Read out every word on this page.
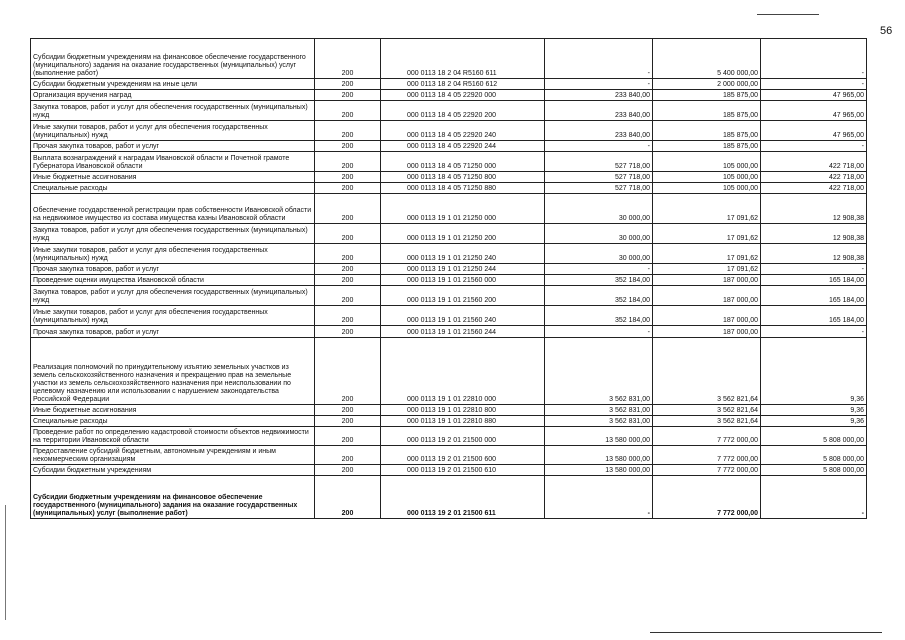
56
Субсидии бюджетным учреждениям на финансовое обеспечение государственного (муниципального) задания на оказание государственных (муниципальных) услуг (выполнение работ)	200	000 0113 18 2 04 R5160 611	-	5 400 000,00	-
Субсидии бюджетным учреждениям на иные цели	200	000 0113 18 2 04 R5160 612	-	2 000 000,00	-
Организация вручения наград	200	000 0113 18 4 05 22920 000	233 840,00	185 875,00	47 965,00
Закупка товаров, работ и услуг для обеспечения государственных (муниципальных) нужд	200	000 0113 18 4 05 22920 200	233 840,00	185 875,00	47 965,00
Иные закупки товаров, работ и услуг для обеспечения государственных (муниципальных) нужд	200	000 0113 18 4 05 22920 240	233 840,00	185 875,00	47 965,00
Прочая закупка товаров, работ и услуг	200	000 0113 18 4 05 22920 244	-	185 875,00	-
Выплата вознаграждений к наградам Ивановской области и Почетной грамоте Губернатора Ивановской области	200	000 0113 18 4 05 71250 000	527 718,00	105 000,00	422 718,00
Иные бюджетные ассигнования	200	000 0113 18 4 05 71250 800	527 718,00	105 000,00	422 718,00
Специальные расходы	200	000 0113 18 4 05 71250 880	527 718,00	105 000,00	422 718,00
Обеспечение государственной регистрации прав собственности Ивановской области на недвижимое имущество из состава имущества казны Ивановской области	200	000 0113 19 1 01 21250 000	30 000,00	17 091,62	12 908,38
Закупка товаров, работ и услуг для обеспечения государственных (муниципальных) нужд	200	000 0113 19 1 01 21250 200	30 000,00	17 091,62	12 908,38
Иные закупки товаров, работ и услуг для обеспечения государственных (муниципальных) нужд	200	000 0113 19 1 01 21250 240	30 000,00	17 091,62	12 908,38
Прочая закупка товаров, работ и услуг	200	000 0113 19 1 01 21250 244	-	17 091,62	-
Проведение оценки имущества Ивановской области	200	000 0113 19 1 01 21560 000	352 184,00	187 000,00	165 184,00
Закупка товаров, работ и услуг для обеспечения государственных (муниципальных) нужд	200	000 0113 19 1 01 21560 200	352 184,00	187 000,00	165 184,00
Иные закупки товаров, работ и услуг для обеспечения государственных (муниципальных) нужд	200	000 0113 19 1 01 21560 240	352 184,00	187 000,00	165 184,00
Прочая закупка товаров, работ и услуг	200	000 0113 19 1 01 21560 244	-	187 000,00	-
Реализация полномочий по принудительному изъятию земельных участков из земель сельскохозяйственного назначения и прекращению прав на земельные участки из земель сельскохозяйственного назначения при неиспользовании по целевому назначению или использовании с нарушением законодательства Российской Федерации	200	000 0113 19 1 01 22810 000	3 562 831,00	3 562 821,64	9,36
Иные бюджетные ассигнования	200	000 0113 19 1 01 22810 800	3 562 831,00	3 562 821,64	9,36
Специальные расходы	200	000 0113 19 1 01 22810 880	3 562 831,00	3 562 821,64	9,36
Проведение работ по определению кадастровой стоимости объектов недвижимости на территории Ивановской области	200	000 0113 19 2 01 21500 000	13 580 000,00	7 772 000,00	5 808 000,00
Предоставление субсидий бюджетным, автономным учреждениям и иным некоммерческим организациям	200	000 0113 19 2 01 21500 600	13 580 000,00	7 772 000,00	5 808 000,00
Субсидии бюджетным учреждениям	200	000 0113 19 2 01 21500 610	13 580 000,00	7 772 000,00	5 808 000,00
Субсидии бюджетным учреждениям на финансовое обеспечение государственного (муниципального) задания на оказание государственных (муниципальных) услуг (выполнение работ)	200	000 0113 19 2 01 21500 611	-	7 772 000,00	-
